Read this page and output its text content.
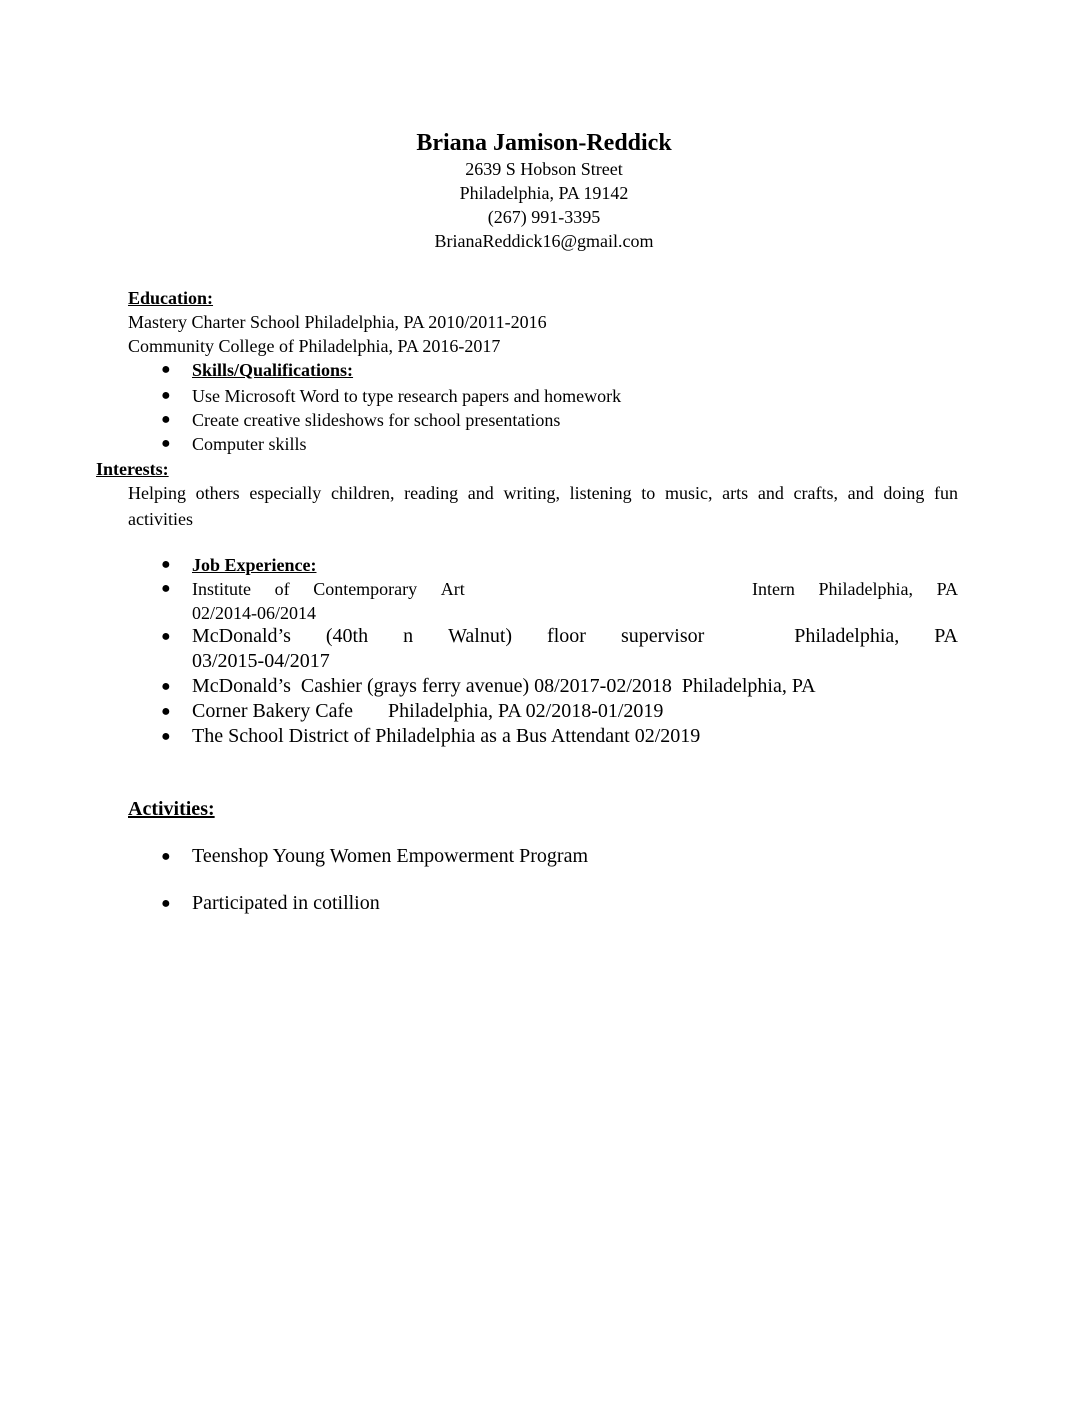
Briana Jamison-Reddick
2639 S Hobson Street
Philadelphia, PA 19142
(267) 991-3395
BrianaReddick16@gmail.com
Education:
Mastery Charter School Philadelphia, PA 2010/2011-2016
Community College of Philadelphia, PA 2016-2017
● Skills/Qualifications:
● Use Microsoft Word to type research papers and homework
● Create creative slideshows for school presentations
● Computer skills
Interests:
Helping others especially children, reading and writing, listening to music, arts and crafts, and doing fun
activities
● Job Experience:
● Institute of Contemporary Art	Intern Philadelphia, PA
02/2014-06/2014
● McDonald’s (40th n Walnut) floor supervisor	Philadelphia, PA
03/2015-04/2017
● McDonald’s  Cashier (grays ferry avenue) 08/2017-02/2018  Philadelphia, PA
● Corner Bakery Cafe       Philadelphia, PA 02/2018-01/2019
● The School District of Philadelphia as a Bus Attendant 02/2019
Activities:
● Teenshop Young Women Empowerment Program
● Participated in cotillion
